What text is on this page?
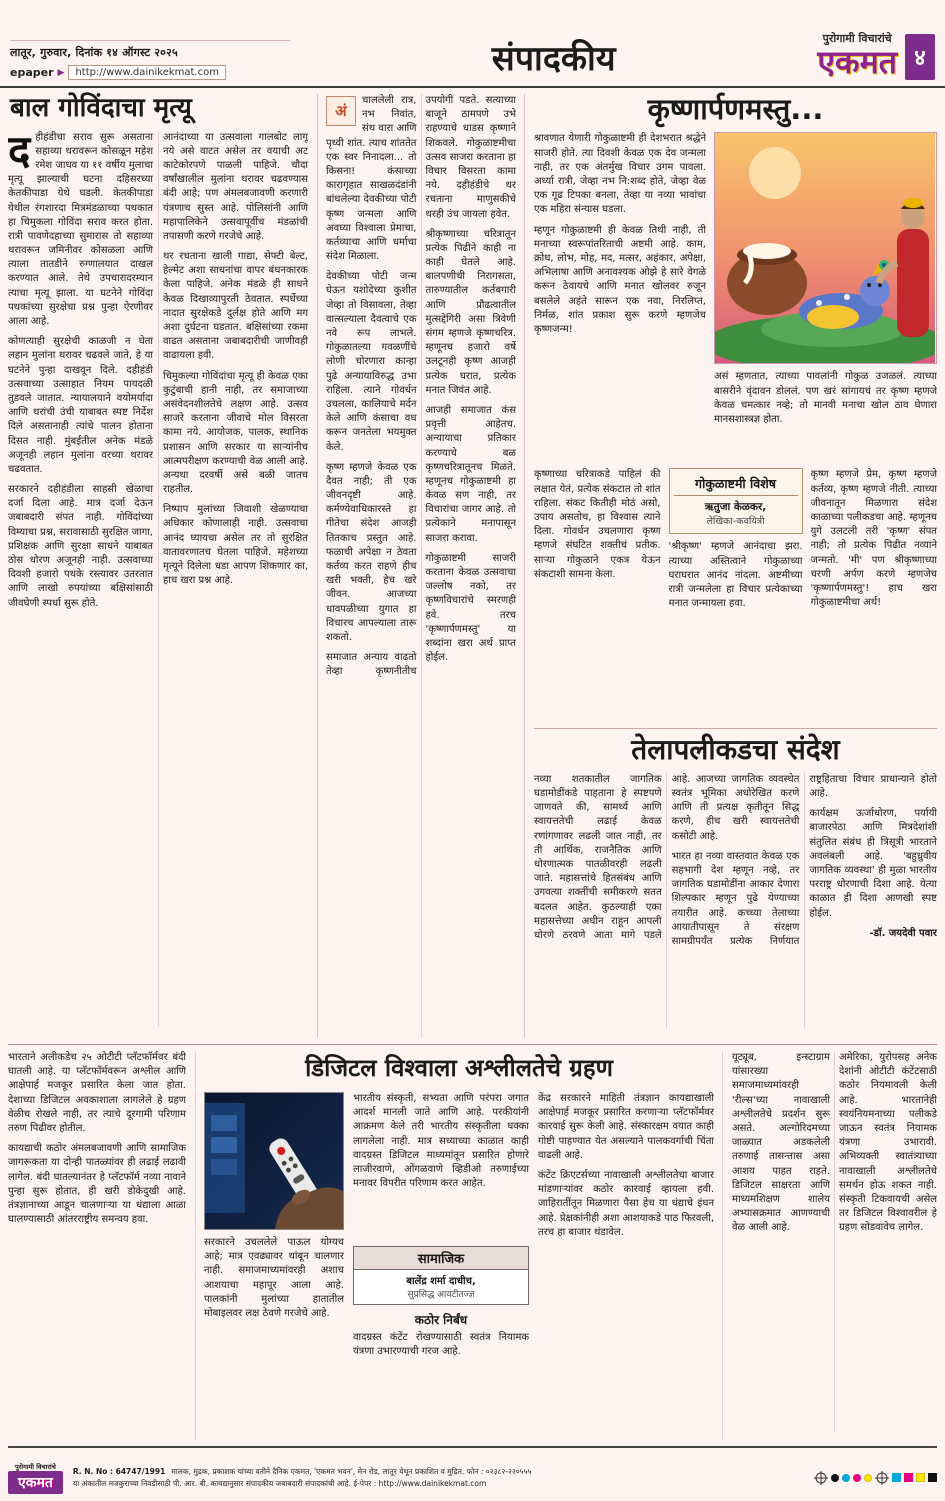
लातूर, गुरुवार, दिनांक १४ ऑगस्ट २०२५
epaper ▶	http://www.dainikekmat.com	संपादकीय
पुरोगामी विचारांचे
एकमत ४
बाल गोविंदाचा मृत्यू

दहीहंडीचा सराव सुरू असताना सहाव्या थरावरून कोसळून महेश रमेश जाधव या ११ वर्षीय मुलाचा मृत्यू झाल्याची घटना दहिसरच्या केतकीपाडा येथे घडली. केतकीपाडा येथील रंगशारदा मित्रमंडळाच्या पथकात हा चिमुकला गोविंदा सराव करत होता. रात्री पावणेदहाच्या सुमारास तो सहाव्या थरावरून जमिनीवर कोसळला आणि त्याला तातडीने रुग्णालयात दाखल करण्यात आले. तेथे उपचारादरम्यान त्याचा मृत्यू झाला. या घटनेने गोविंदा पथकांच्या सुरक्षेचा प्रश्न पुन्हा ऐरणीवर आला आहे.

कोणत्याही सुरक्षेची काळजी न घेता लहान मुलांना थरावर चढवले जाते, हे या घटनेने पुन्हा दाखवून दिले. दहीहंडी उत्सवाच्या उत्साहात नियम पायदळी तुडवले जातात. न्यायालयाने वयोमर्यादा आणि थरांची उंची याबाबत स्पष्ट निर्देश दिले असतानाही त्यांचे पालन होताना दिसत नाही. मुंबईतील अनेक मंडळे अजूनही लहान मुलांना वरच्या थरावर चढवतात.

सरकारने दहीहंडीला साहसी खेळाचा दर्जा दिला आहे. मात्र दर्जा देऊन जबाबदारी संपत नाही. गोविंदांच्या विम्याचा प्रश्न, सरावासाठी सुरक्षित जागा, प्रशिक्षक आणि सुरक्षा साधने याबाबत ठोस धोरण अजूनही नाही. उत्सवाच्या दिवशी हजारो पथके रस्त्यावर उतरतात आणि लाखो रुपयांच्या बक्षिसांसाठी जीवघेणी स्पर्धा सुरू होते.

आनंदाच्या या उत्सवाला गालबोट लागू नये असे वाटत असेल तर वयाची अट काटेकोरपणे पाळली पाहिजे. चौदा वर्षांखालील मुलांना थरावर चढवण्यास बंदी आहे; पण अंमलबजावणी करणारी यंत्रणाच सुस्त आहे. पोलिसांनी आणि महापालिकेने उत्सवापूर्वीच मंडळांची तपासणी करणे गरजेचे आहे.

थर रचताना खाली गाद्या, सेफ्टी बेल्ट, हेल्मेट अशा साधनांचा वापर बंधनकारक केला पाहिजे. अनेक मंडळे ही साधने केवळ दिखाव्यापुरती ठेवतात. स्पर्धेच्या नादात सुरक्षेकडे दुर्लक्ष होते आणि मग अशा दुर्घटना घडतात. बक्षिसांच्या रकमा वाढत असताना जबाबदारीची जाणीवही वाढायला हवी.

चिमुकल्या गोविंदांचा मृत्यू ही केवळ एका कुटुंबाची हानी नाही, तर समाजाच्या असंवेदनशीलतेचे लक्षण आहे. उत्सव साजरे करताना जीवाचे मोल विसरता कामा नये. आयोजक, पालक, स्थानिक प्रशासन आणि सरकार या साऱ्यांनीच आत्मपरीक्षण करण्याची वेळ आली आहे. अन्यथा दरवर्षी असे बळी जातच राहतील.

निष्पाप मुलांच्या जिवाशी खेळण्याचा अधिकार कोणालाही नाही. उत्सवाचा आनंद घ्यायचा असेल तर तो सुरक्षित वातावरणातच घेतला पाहिजे. महेशच्या मृत्यूने दिलेला धडा आपण शिकणार का, हाच खरा प्रश्न आहे.

अं
चाललेली रात्र, नभ निवांत, संथ वारा आणि पृथ्वी शांत. त्याच शांततेत एक स्वर निनादला... तो किसना! कंसाच्या कारागृहात साखळदंडांनी बांधलेल्या देवकीच्या पोटी कृष्ण जन्मला आणि अवघ्या विश्वाला प्रेमाचा, कर्तव्याचा आणि धर्माचा संदेश मिळाला.

देवकीच्या पोटी जन्म घेऊन यशोदेच्या कुशीत जेव्हा तो विसावला, तेव्हा वात्सल्याला दैवत्वाचे एक नवे रूप लाभले. गोकुळातल्या गवळणींचे लोणी चोरणारा कान्हा पुढे अन्यायाविरुद्ध उभा राहिला. त्याने गोवर्धन उचलला, कालियाचे मर्दन केले आणि कंसाचा वध करून जनतेला भयमुक्त केले.

कृष्ण म्हणजे केवळ एक दैवत नाही; ती एक जीवनदृष्टी आहे. कर्मण्येवाधिकारस्ते हा गीतेचा संदेश आजही तितकाच प्रस्तुत आहे. फळाची अपेक्षा न ठेवता कर्तव्य करत राहणे हीच खरी भक्ती, हेच खरे जीवन. आजच्या धावपळीच्या युगात हा विचारच आपल्याला तारू शकतो.

समाजात अन्याय वाढतो तेव्हा कृष्णनीतीच उपयोगी पडते. सत्याच्या बाजूने ठामपणे उभे राहण्याचे धाडस कृष्णाने शिकवले. गोकुळाष्टमीचा उत्सव साजरा करताना हा विचार विसरता कामा नये. दहीहंडीचे थर रचताना माणुसकीचे थरही उंच जायला हवेत.

श्रीकृष्णाच्या चरित्रातून प्रत्येक पिढीने काही ना काही घेतले आहे. बालपणीची निरागसता, तारुण्यातील कर्तबगारी आणि प्रौढत्वातील मुत्सद्देगिरी असा त्रिवेणी संगम म्हणजे कृष्णचरित्र. म्हणूनच हजारो वर्षे उलटूनही कृष्ण आजही प्रत्येक घरात, प्रत्येक मनात जिवंत आहे.

आजही समाजात कंस प्रवृत्ती आहेतच. अन्यायाचा प्रतिकार करण्याचे बळ कृष्णचरित्रातूनच मिळते. म्हणूनच गोकुळाष्टमी हा केवळ सण नाही, तर विचारांचा जागर आहे. तो प्रत्येकाने मनापासून साजरा करावा.

गोकुळाष्टमी साजरी करताना केवळ उत्सवाचा जल्लोष नको, तर कृष्णविचारांचे स्मरणही हवे. तरच 'कृष्णार्पणमस्तु' या शब्दांना खरा अर्थ प्राप्त होईल.

कृष्णार्पणमस्तु...

श्रावणात येणारी गोकुळाष्टमी ही देशभरात श्रद्धेने साजरी होते. त्या दिवशी केवळ एक देव जन्मला नाही, तर एक अंतर्मुख विचार उगम पावला. अर्ध्या रात्री, जेव्हा नभ नि:शब्द होते, जेव्हा वेळ एक गूढ टिपका बनला, तेव्हा या नव्या भावांचा एक महिरा संन्यास घडला.

म्हणून गोकुळाष्टमी ही केवळ तिथी नाही, ती मनाच्या स्वरूपांतरिताची अष्टमी आहे. काम, क्रोध, लोभ, मोह, मद, मत्सर, अहंकार, अपेक्षा, अभिलाषा आणि अनावश्यक ओझे हे सारे वेगळे करून ठेवायचे आणि मनात खोलवर रुजून बसलेले अहंते सारून एक नवा, निरलिप्त, निर्मळ, शांत प्रकाश सुरू करणे म्हणजेच कृष्णजन्म!

असं म्हणतात, त्याच्या पावलांनी गोकुळ उजळलं. त्याच्या बासरीने वृंदावन डोललं. पण खरं सांगायचं तर कृष्ण म्हणजे केवळ चमत्कार नव्हे; तो मानवी मनाचा खोल ठाव घेणारा मानसशास्त्रज्ञ होता.

कृष्णाच्या चरित्राकडे पाहिलं की लक्षात येतं, प्रत्येक संकटात तो शांत राहिला. संकट कितीही मोठं असो, उपाय असतोच, हा विश्वास त्याने दिला. गोवर्धन उचलणारा कृष्ण म्हणजे संघटित शक्तीचं प्रतीक. साऱ्या गोकुळाने एकत्र येऊन संकटाशी सामना केला.

गोकुळाष्टमी विशेष
ऋतुजा केळकर,
लेखिका-कवयित्री

'श्रीकृष्ण' म्हणजे आनंदाचा झरा. त्याच्या अस्तित्वाने गोकुळाच्या घराघरात आनंद नांदला. अष्टमीच्या रात्री जन्मलेला हा विचार प्रत्येकाच्या मनात जन्मायला हवा.

कृष्ण म्हणजे प्रेम, कृष्ण म्हणजे कर्तव्य, कृष्ण म्हणजे नीती. त्याच्या जीवनातून मिळणारा संदेश काळाच्या पलीकडचा आहे. म्हणूनच युगे उलटली तरी 'कृष्ण' संपत नाही; तो प्रत्येक पिढीत नव्याने जन्मतो. 'मी' पण श्रीकृष्णाच्या चरणी अर्पण करणे म्हणजेच 'कृष्णार्पणमस्तु'! हाच खरा गोकुळाष्टमीचा अर्थ!

तेलापलीकडचा संदेश

नव्या शतकातील जागतिक घडामोडींकडे पाहताना हे स्पष्टपणे जाणवते की, सामर्थ्य आणि स्वायत्ततेची लढाई केवळ रणांगणावर लढली जात नाही, तर ती आर्थिक, राजनैतिक आणि धोरणात्मक पातळीवरही लढली जाते. महासत्तांचे हितसंबंध आणि उगवत्या शक्तींची समीकरणे सतत बदलत आहेत. कुठल्याही एका महासत्तेच्या अधीन राहून आपली धोरणे ठरवणे आता मागे पडले आहे. आजच्या जागतिक व्यवस्थेत स्वतंत्र भूमिका अधोरेखित करणे आणि ती प्रत्यक्ष कृतीतून सिद्ध करणे, हीच खरी स्वायत्ततेची कसोटी आहे.

भारत हा नव्या वास्तवात केवळ एक सहभागी देश म्हणून नव्हे, तर जागतिक घडामोडींना आकार देणारा शिल्पकार म्हणून पुढे येण्याच्या तयारीत आहे. कच्च्या तेलाच्या आयातीपासून ते संरक्षण सामग्रीपर्यंत प्रत्येक निर्णयात राष्ट्रहिताचा विचार प्राधान्याने होतो आहे.

कार्यक्षम ऊर्जाधोरण, पर्यायी बाजारपेठा आणि मित्रदेशांशी संतुलित संबंध ही त्रिसूत्री भारताने अवलंबली आहे. 'बहुध्रुवीय जागतिक व्यवस्था' ही मुळा भारतीय परराष्ट्र धोरणाची दिशा आहे. येत्या काळात ही दिशा आणखी स्पष्ट होईल.

-डॉ. जयदेवी पवार

भारताने अलीकडेच २५ ओटीटी प्लॅटफॉर्मवर बंदी घातली आहे. या प्लॅटफॉर्मवरून अश्लील आणि आक्षेपार्ह मजकूर प्रसारित केला जात होता. देशाच्या डिजिटल अवकाशाला लागलेले हे ग्रहण वेळीच रोखले नाही, तर त्याचे दूरगामी परिणाम तरुण पिढीवर होतील.

कायद्याची कठोर अंमलबजावणी आणि सामाजिक जागरूकता या दोन्ही पातळ्यांवर ही लढाई लढावी लागेल. बंदी घातल्यानंतर हे प्लॅटफॉर्म नव्या नावाने पुन्हा सुरू होतात, ही खरी डोकेदुखी आहे. तंत्रज्ञानाच्या आडून चालणाऱ्या या धंद्याला आळा घालण्यासाठी आंतरराष्ट्रीय समन्वय हवा.

डिजिटल विश्वाला अश्लीलतेचे ग्रहण

सरकारने उचललेले पाऊल योग्यच आहे; मात्र एवढ्यावर थांबून चालणार नाही. समाजमाध्यमांवरही अशाच आशयाचा महापूर आला आहे. पालकांनी मुलांच्या हातातील मोबाइलवर लक्ष ठेवणे गरजेचे आहे.

भारतीय संस्कृती, सभ्यता आणि परंपरा जगात आदर्श मानली जाते आणि आहे. परकीयांनी आक्रमण केले तरी भारतीय संस्कृतीला धक्का लागलेला नाही. मात्र सध्याच्या काळात काही वादग्रस्त डिजिटल माध्यमांतून प्रसारित होणारे लाजीरवाणे, ओंगळवाणे व्हिडीओ तरुणाईच्या मनावर विपरीत परिणाम करत आहेत.

सामाजिक
बालेंद्र शर्मा दाधीच,
सुप्रसिद्ध आयटीतज्ज्ञ
कठोर निर्बंध

वादग्रस्त कंटेंट रोखण्यासाठी स्वतंत्र नियामक यंत्रणा उभारण्याची गरज आहे.

केंद्र सरकारने माहिती तंत्रज्ञान कायद्याखाली आक्षेपार्ह मजकूर प्रसारित करणाऱ्या प्लॅटफॉर्मवर कारवाई सुरू केली आहे. संस्कारक्षम वयात काही गोष्टी पाहण्यात येत असल्याने पालकवर्गाची चिंता वाढली आहे.

कंटेंट क्रिएटर्सच्या नावाखाली अश्लीलतेचा बाजार मांडणाऱ्यांवर कठोर कारवाई व्हायला हवी. जाहिरातींतून मिळणारा पैसा हेच या धंद्याचे इंधन आहे. प्रेक्षकांनीही अशा आशयाकडे पाठ फिरवली, तरच हा बाजार थंडावेल.

यूट्यूब, इन्स्टाग्राम यांसारख्या समाजमाध्यमांवरही 'रील्स'च्या नावाखाली अश्लीलतेचे प्रदर्शन सुरू असते. अल्गोरिदमच्या जाळ्यात अडकलेली तरुणाई तासन्तास असा आशय पाहत राहते. डिजिटल साक्षरता आणि माध्यमशिक्षण शालेय अभ्यासक्रमात आणण्याची वेळ आली आहे.

अमेरिका, युरोपसह अनेक देशांनी ओटीटी कंटेंटसाठी कठोर नियमावली केली आहे. भारतानेही स्वयंनियमनाच्या पलीकडे जाऊन स्वतंत्र नियामक यंत्रणा उभारावी. अभिव्यक्ती स्वातंत्र्याच्या नावाखाली अश्लीलतेचे समर्थन होऊ शकत नाही. संस्कृती टिकवायची असेल तर डिजिटल विश्वावरील हे ग्रहण सोडवावेच लागेल.

पुरोगामी विचारांचे
एकमत
R. N. No : 64747/1991 मालक, मुद्रक, प्रकाशक यांच्या वतीने दैनिक एकमत, 'एकमत भवन', मेन रोड, लातूर येथून प्रकाशित व मुद्रित. फोन : ०२३८२-२२०५५५
या अंकातील मजकुराच्या निवडीसाठी पी. आर. बी. कायद्यानुसार संपादकीय जबाबदारी संपादकांची आहे. ई-पेपर : http://www.dainikekmat.com
